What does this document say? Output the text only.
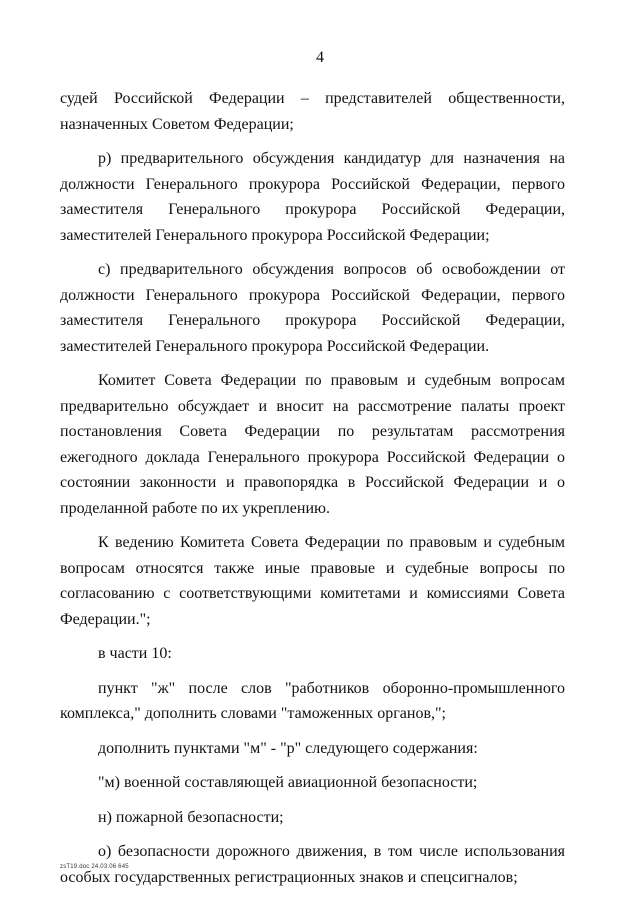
4

судей Российской Федерации – представителей общественности, назначенных Советом Федерации;

р) предварительного обсуждения кандидатур для назначения на должности Генерального прокурора Российской Федерации, первого заместителя Генерального прокурора Российской Федерации, заместителей Генерального прокурора Российской Федерации;

с) предварительного обсуждения вопросов об освобождении от должности Генерального прокурора Российской Федерации, первого заместителя Генерального прокурора Российской Федерации, заместителей Генерального прокурора Российской Федерации.

Комитет Совета Федерации по правовым и судебным вопросам предварительно обсуждает и вносит на рассмотрение палаты проект постановления Совета Федерации по результатам рассмотрения ежегодного доклада Генерального прокурора Российской Федерации о состоянии законности и правопорядка в Российской Федерации и о проделанной работе по их укреплению.

К ведению Комитета Совета Федерации по правовым и судебным вопросам относятся также иные правовые и судебные вопросы по согласованию с соответствующими комитетами и комиссиями Совета Федерации.";

в части 10:

пункт "ж" после слов "работников оборонно-промышленного комплекса," дополнить словами "таможенных органов,";

дополнить пунктами "м" - "р" следующего содержания:

"м) военной составляющей авиационной безопасности;

н) пожарной безопасности;

о) безопасности дорожного движения, в том числе использования особых государственных регистрационных знаков и спецсигналов;

zsT19.doc 24.03.06 645
